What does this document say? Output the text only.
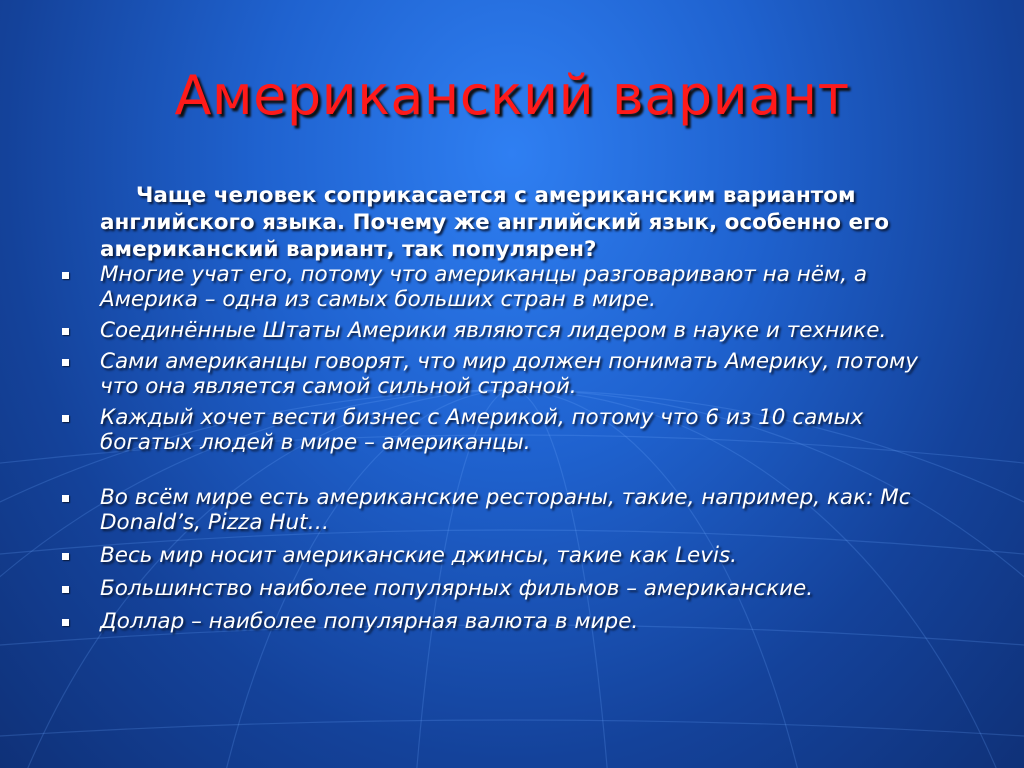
Американский вариант
Чаще человек соприкасается с американским вариантом английского языка. Почему же английский язык, особенно его американский вариант, так популярен?
Многие учат его, потому что американцы разговаривают на нём, а Америка – одна из самых больших стран в мире.
Соединённые Штаты Америки являются лидером в науке и технике.
Сами американцы говорят, что мир должен понимать Америку, потому что она является самой сильной страной.
Каждый хочет вести бизнес с Америкой, потому что 6 из 10 самых богатых людей в мире – американцы.
Во всём мире есть американские рестораны, такие, например, как: Mc Donald’s, Pizza Hut…
Весь мир носит американские джинсы, такие как Levis.
Большинство наиболее популярных фильмов – американские.
Доллар – наиболее популярная валюта в мире.
